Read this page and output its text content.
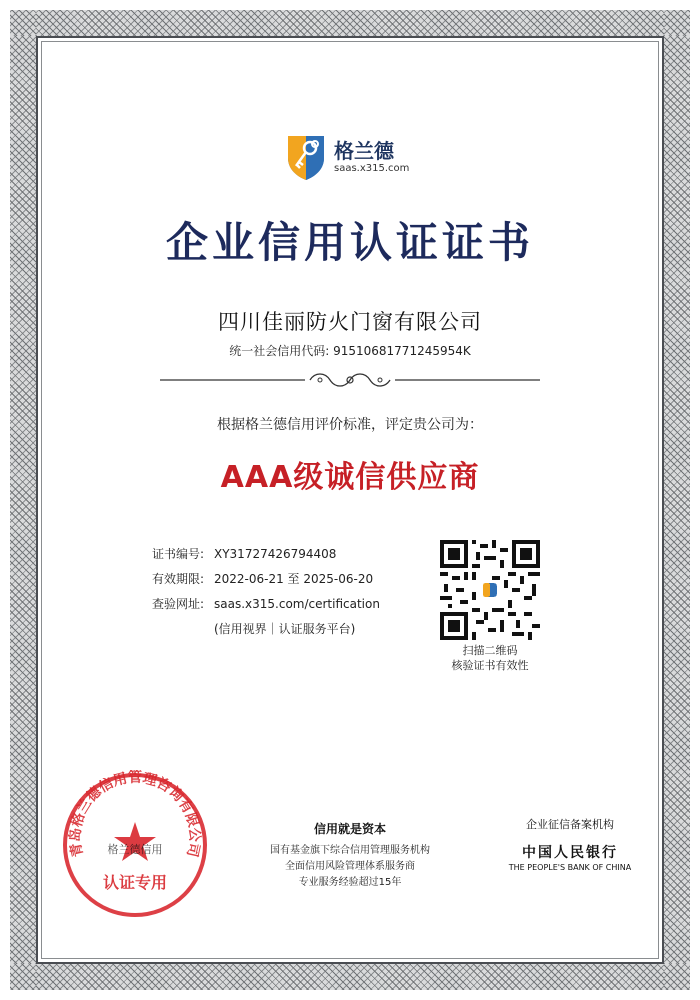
格兰德
saas.x315.com
企业信用认证证书
四川佳丽防火门窗有限公司
统一社会信用代码: 91510681771245954K
根据格兰德信用评价标准，评定贵公司为：
AAA级诚信供应商
证书编号: XY31727426794408
有效期限: 2022-06-21 至 2025-06-20
查验网址: saas.x315.com/certification
(信用视界｜认证服务平台)
扫描二维码
核验证书有效性
信用就是资本
国有基金旗下综合信用管理服务机构
全面信用风险管理体系服务商
专业服务经验超过15年
企业征信备案机构
中国人民银行
THE PEOPLE'S BANK OF CHINA
青岛格兰德信用管理咨询有限公司
格兰德信用
认证专用
